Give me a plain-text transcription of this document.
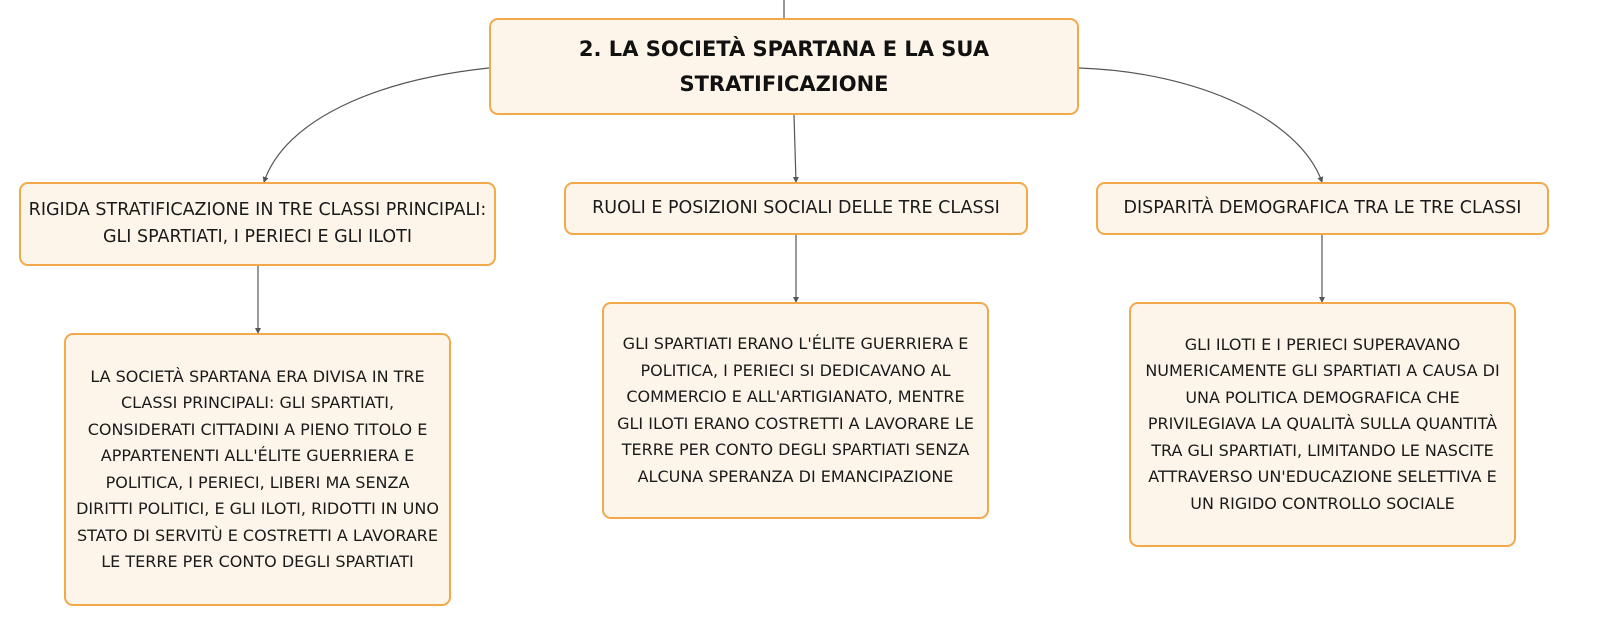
2. LA SOCIETÀ SPARTANA E LA SUA STRATIFICAZIONE
RIGIDA STRATIFICAZIONE IN TRE CLASSI PRINCIPALI: GLI SPARTIATI, I PERIECI E GLI ILOTI
RUOLI E POSIZIONI SOCIALI DELLE TRE CLASSI	DISPARITÀ DEMOGRAFICA TRA LE TRE CLASSI
LA SOCIETÀ SPARTANA ERA DIVISA IN TRE CLASSI PRINCIPALI: GLI SPARTIATI, CONSIDERATI CITTADINI A PIENO TITOLO E APPARTENENTI ALL'ÉLITE GUERRIERA E POLITICA, I PERIECI, LIBERI MA SENZA DIRITTI POLITICI, E GLI ILOTI, RIDOTTI IN UNO STATO DI SERVITÙ E COSTRETTI A LAVORARE LE TERRE PER CONTO DEGLI SPARTIATI
GLI SPARTIATI ERANO L'ÉLITE GUERRIERA E POLITICA, I PERIECI SI DEDICAVANO AL COMMERCIO E ALL'ARTIGIANATO, MENTRE GLI ILOTI ERANO COSTRETTI A LAVORARE LE TERRE PER CONTO DEGLI SPARTIATI SENZA ALCUNA SPERANZA DI EMANCIPAZIONE
GLI ILOTI E I PERIECI SUPERAVANO NUMERICAMENTE GLI SPARTIATI A CAUSA DI UNA POLITICA DEMOGRAFICA CHE PRIVILEGIAVA LA QUALITÀ SULLA QUANTITÀ TRA GLI SPARTIATI, LIMITANDO LE NASCITE ATTRAVERSO UN'EDUCAZIONE SELETTIVA E UN RIGIDO CONTROLLO SOCIALE
